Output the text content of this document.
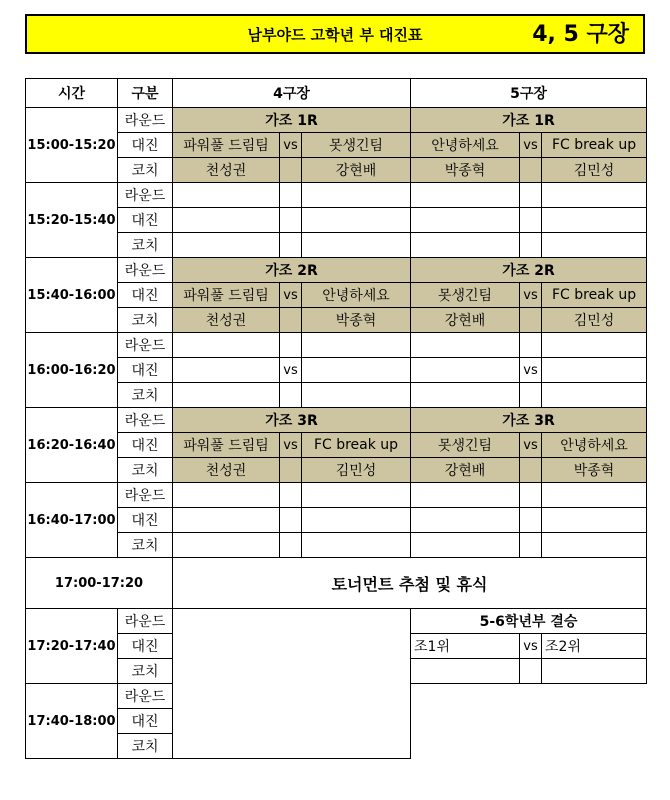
남부야드 고학년 부 대진표	4, 5 구장
시간	구분	4구장			5구장		
15:00-15:20	라운드	가조 1R			가조 1R		
	대진	파워풀 드림팀	vs	못생긴팀	안녕하세요	vs	FC break up
	코치	천성권		강현배	박종혁		김민성
15:20-15:40	라운드						
	대진						
	코치						
15:40-16:00	라운드	가조 2R			가조 2R		
	대진	파워풀 드림팀	vs	안녕하세요	못생긴팀	vs	FC break up
	코치	천성권		박종혁	강현배		김민성
16:00-16:20	라운드						
	대진		vs			vs	
	코치						
16:20-16:40	라운드	가조 3R			가조 3R		
	대진	파워풀 드림팀	vs	FC break up	못생긴팀	vs	안녕하세요
	코치	천성권		김민성	강현배		박종혁
16:40-17:00	라운드						
	대진						
	코치						
17:00-17:20		토너먼트 추첨 및 휴식					
17:20-17:40	라운드				5-6학년부 결승		
	대진				조1위	vs	조2위
	코치						
17:40-18:00	라운드						
	대진						
	코치						
